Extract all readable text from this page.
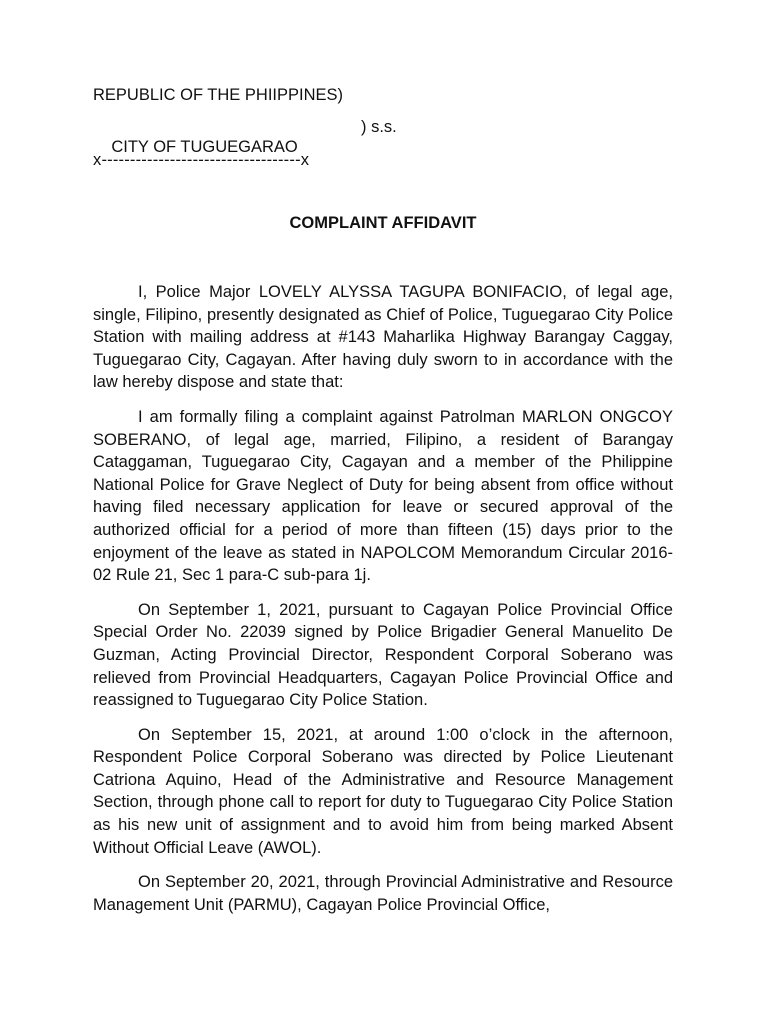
REPUBLIC OF THE PHIIPPINES)

CITY OF TUGUEGARAO

) s.s.

x-----------------------------------x
COMPLAINT AFFIDAVIT

I, Police Major LOVELY ALYSSA TAGUPA BONIFACIO, of legal age, single, Filipino, presently designated as Chief of Police, Tuguegarao City Police Station with mailing address at #143 Maharlika Highway Barangay Caggay, Tuguegarao City, Cagayan. After having duly sworn to in accordance with the law hereby dispose and state that:

I am formally filing a complaint against Patrolman MARLON ONGCOY SOBERANO, of legal age, married, Filipino, a resident of Barangay Cataggaman, Tuguegarao City, Cagayan and a member of the Philippine National Police for Grave Neglect of Duty for being absent from office without having filed necessary application for leave or secured approval of the authorized official for a period of more than fifteen (15) days prior to the enjoyment of the leave as stated in NAPOLCOM Memorandum Circular 2016-02 Rule 21, Sec 1 para-C sub-para 1j.

On September 1, 2021, pursuant to Cagayan Police Provincial Office Special Order No. 22039 signed by Police Brigadier General Manuelito De Guzman, Acting Provincial Director, Respondent Corporal Soberano was relieved from Provincial Headquarters, Cagayan Police Provincial Office and reassigned to Tuguegarao City Police Station.

On September 15, 2021, at around 1:00 o’clock in the afternoon, Respondent Police Corporal Soberano was directed by Police Lieutenant Catriona Aquino, Head of the Administrative and Resource Management Section, through phone call to report for duty to Tuguegarao City Police Station as his new unit of assignment and to avoid him from being marked Absent Without Official Leave (AWOL).

On September 20, 2021, through Provincial Administrative and Resource Management Unit (PARMU), Cagayan Police Provincial Office,
